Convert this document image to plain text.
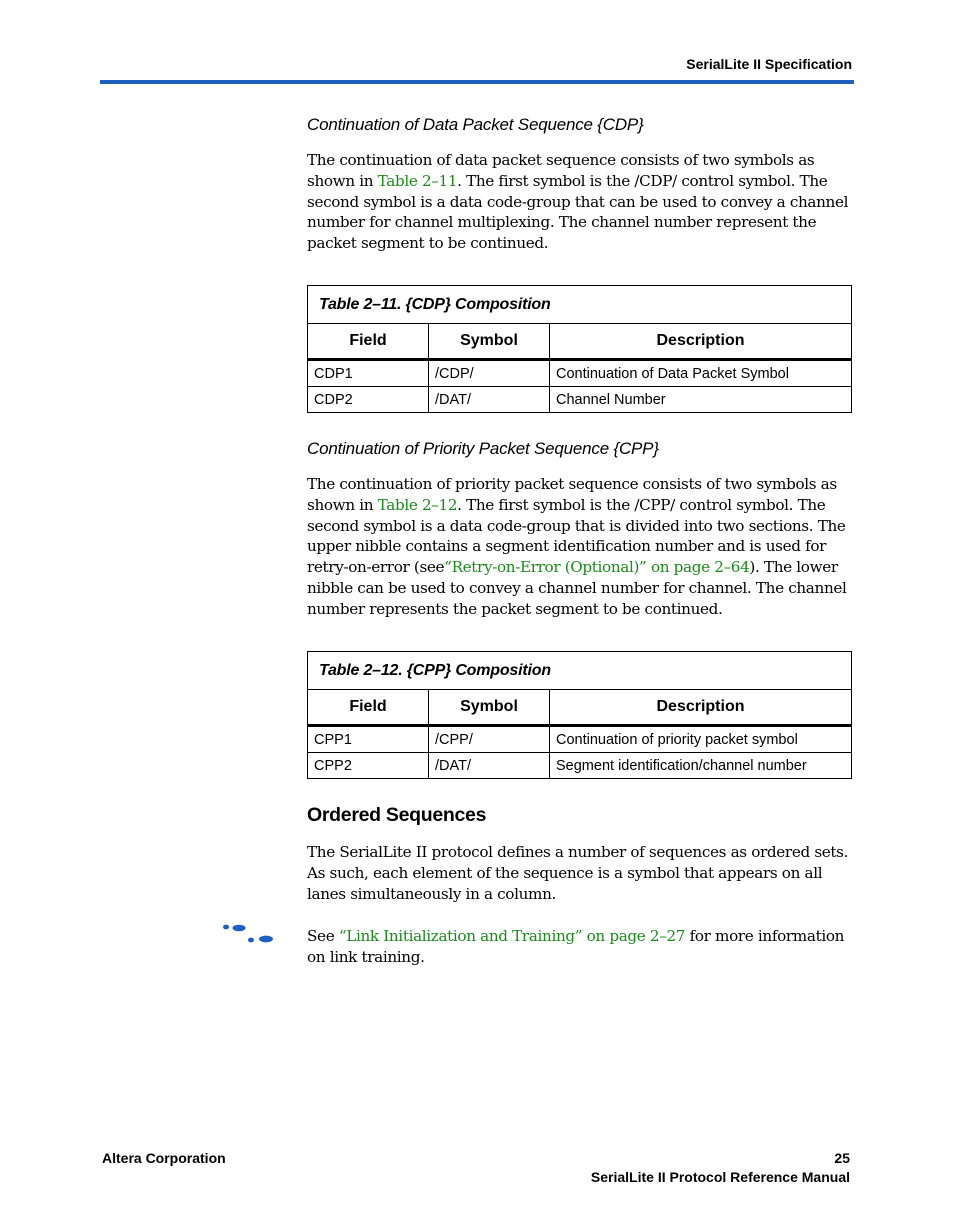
SerialLite II Specification

Continuation of Data Packet Sequence {CDP}

The continuation of data packet sequence consists of two symbols as shown in Table 2–11. The first symbol is the /CDP/ control symbol. The second symbol is a data code-group that can be used to convey a channel number for channel multiplexing. The channel number represent the packet segment to be continued.

Table 2–11. {CDP} Composition		
Field	Symbol	Description
CDP1	/CDP/	Continuation of Data Packet Symbol
CDP2	/DAT/	Channel Number

Continuation of Priority Packet Sequence {CPP}

The continuation of priority packet sequence consists of two symbols as shown in Table 2–12. The first symbol is the /CPP/ control symbol. The second symbol is a data code-group that is divided into two sections. The upper nibble contains a segment identification number and is used for retry-on-error (see“Retry-on-Error (Optional)” on page 2–64). The lower nibble can be used to convey a channel number for channel. The channel number represents the packet segment to be continued.

Table 2–12. {CPP} Composition		
Field	Symbol	Description
CPP1	/CPP/	Continuation of priority packet symbol
CPP2	/DAT/	Segment identification/channel number
Ordered Sequences

The SerialLite II protocol defines a number of sequences as ordered sets. As such, each element of the sequence is a symbol that appears on all lanes simultaneously in a column.

See “Link Initialization and Training” on page 2–27 for more information on link training.

Altera Corporation	25
SerialLite II Protocol Reference Manual
